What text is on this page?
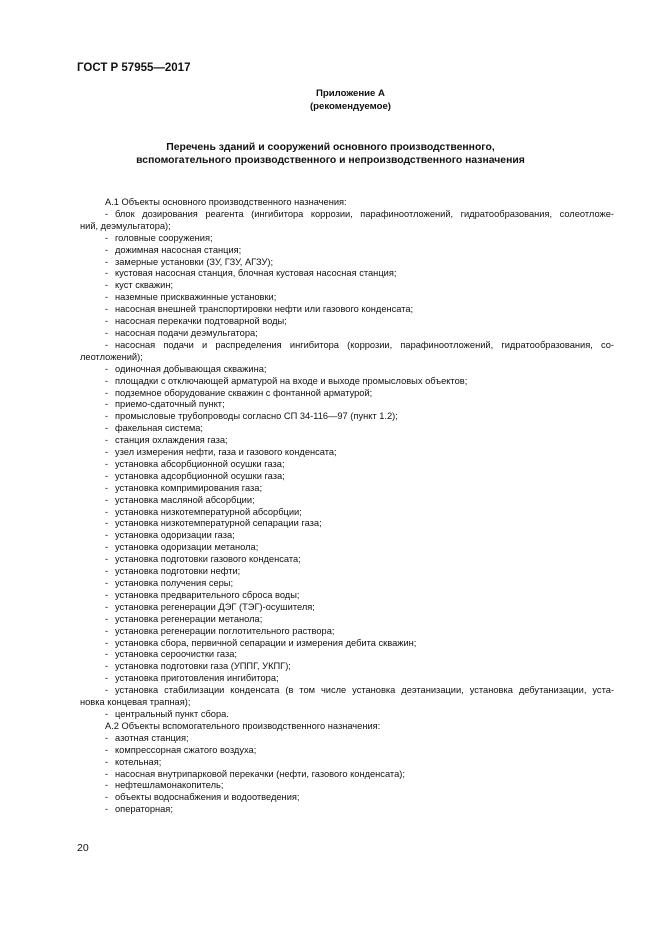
ГОСТ Р 57955—2017
Приложение А
(рекомендуемое)
Перечень зданий и сооружений основного производственного,
вспомогательного производственного и непроизводственного назначения
А.1 Объекты основного производственного назначения:
- блок дозирования реагента (ингибитора коррозии, парафиноотложений, гидратообразования, солеотложе-
ний, деэмульгатора);
- головные сооружения;
- дожимная насосная станция;
- замерные установки (ЗУ, ГЗУ, АГЗУ);
- кустовая насосная станция, блочная кустовая насосная станция;
- куст скважин;
- наземные прискважинные установки;
- насосная внешней транспортировки нефти или газового конденсата;
- насосная перекачки подтоварной воды;
- насосная подачи деэмульгатора;
- насосная подачи и распределения ингибитора (коррозии, парафиноотложений, гидратообразования, со-
леотложений);
- одиночная добывающая скважина;
- площадки с отключающей арматурой на входе и выходе промысловых объектов;
- подземное оборудование скважин с фонтанной арматурой;
- приемо-сдаточный пункт;
- промысловые трубопроводы согласно СП 34-116—97 (пункт 1.2);
- факельная система;
- станция охлаждения газа;
- узел измерения нефти, газа и газового конденсата;
- установка абсорбционной осушки газа;
- установка адсорбционной осушки газа;
- установка компримирования газа;
- установка масляной абсорбции;
- установка низкотемпературной абсорбции;
- установка низкотемпературной сепарации газа;
- установка одоризации газа;
- установка одоризации метанола;
- установка подготовки газового конденсата;
- установка подготовки нефти;
- установка получения серы;
- установка предварительного сброса воды;
- установка регенерации ДЭГ (ТЭГ)-осушителя;
- установка регенерации метанола;
- установка регенерации поглотительного раствора;
- установка сбора, первичной сепарации и измерения дебита скважин;
- установка сероочистки газа;
- установка подготовки газа (УППГ, УКПГ);
- установка приготовления ингибитора;
- установка стабилизации конденсата (в том числе установка деэтанизации, установка дебутанизации, уста-
новка концевая трапная);
- центральный пункт сбора.
А.2 Объекты вспомогательного производственного назначения:
- азотная станция;
- компрессорная сжатого воздуха;
- котельная;
- насосная внутрипарковой перекачки (нефти, газового конденсата);
- нефтешламонакопитель;
- объекты водоснабжения и водоотведения;
- операторная;
20
